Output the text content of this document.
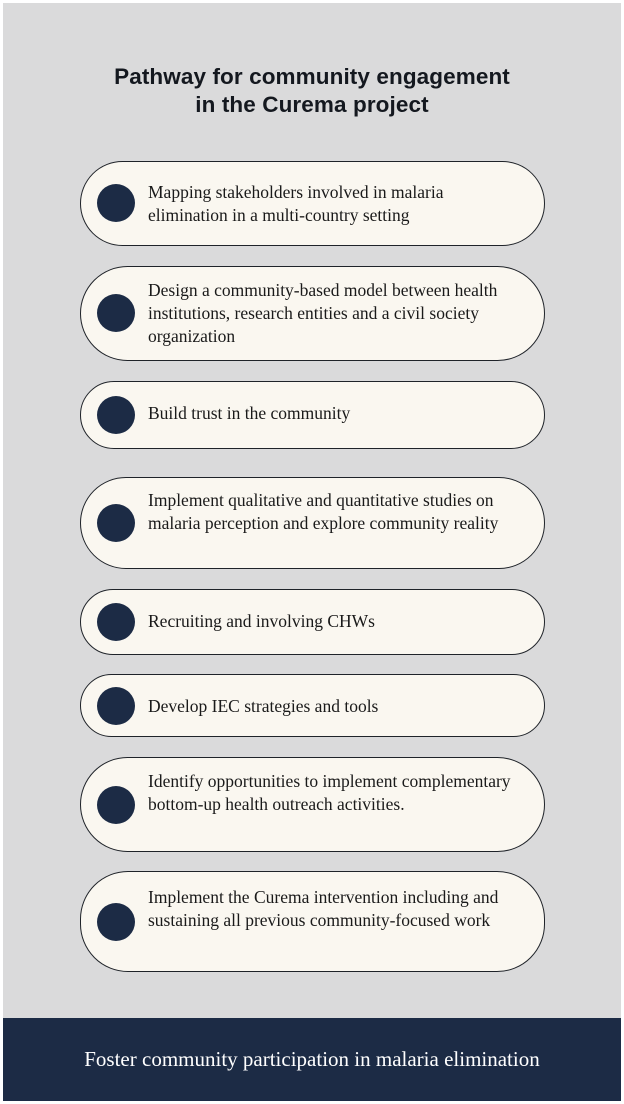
Pathway for community engagement
in the Curema project
Mapping stakeholders involved in malaria elimination in a multi-country setting
Design a community-based model between health institutions, research entities and a civil society organization
Build trust in the community
Implement qualitative and quantitative studies on malaria perception and explore community reality
Recruiting and involving CHWs
Develop IEC strategies and tools
Identify opportunities to implement complementary bottom-up health outreach activities.
Implement the Curema intervention including and sustaining all previous community-focused work
Foster community participation in malaria elimination
